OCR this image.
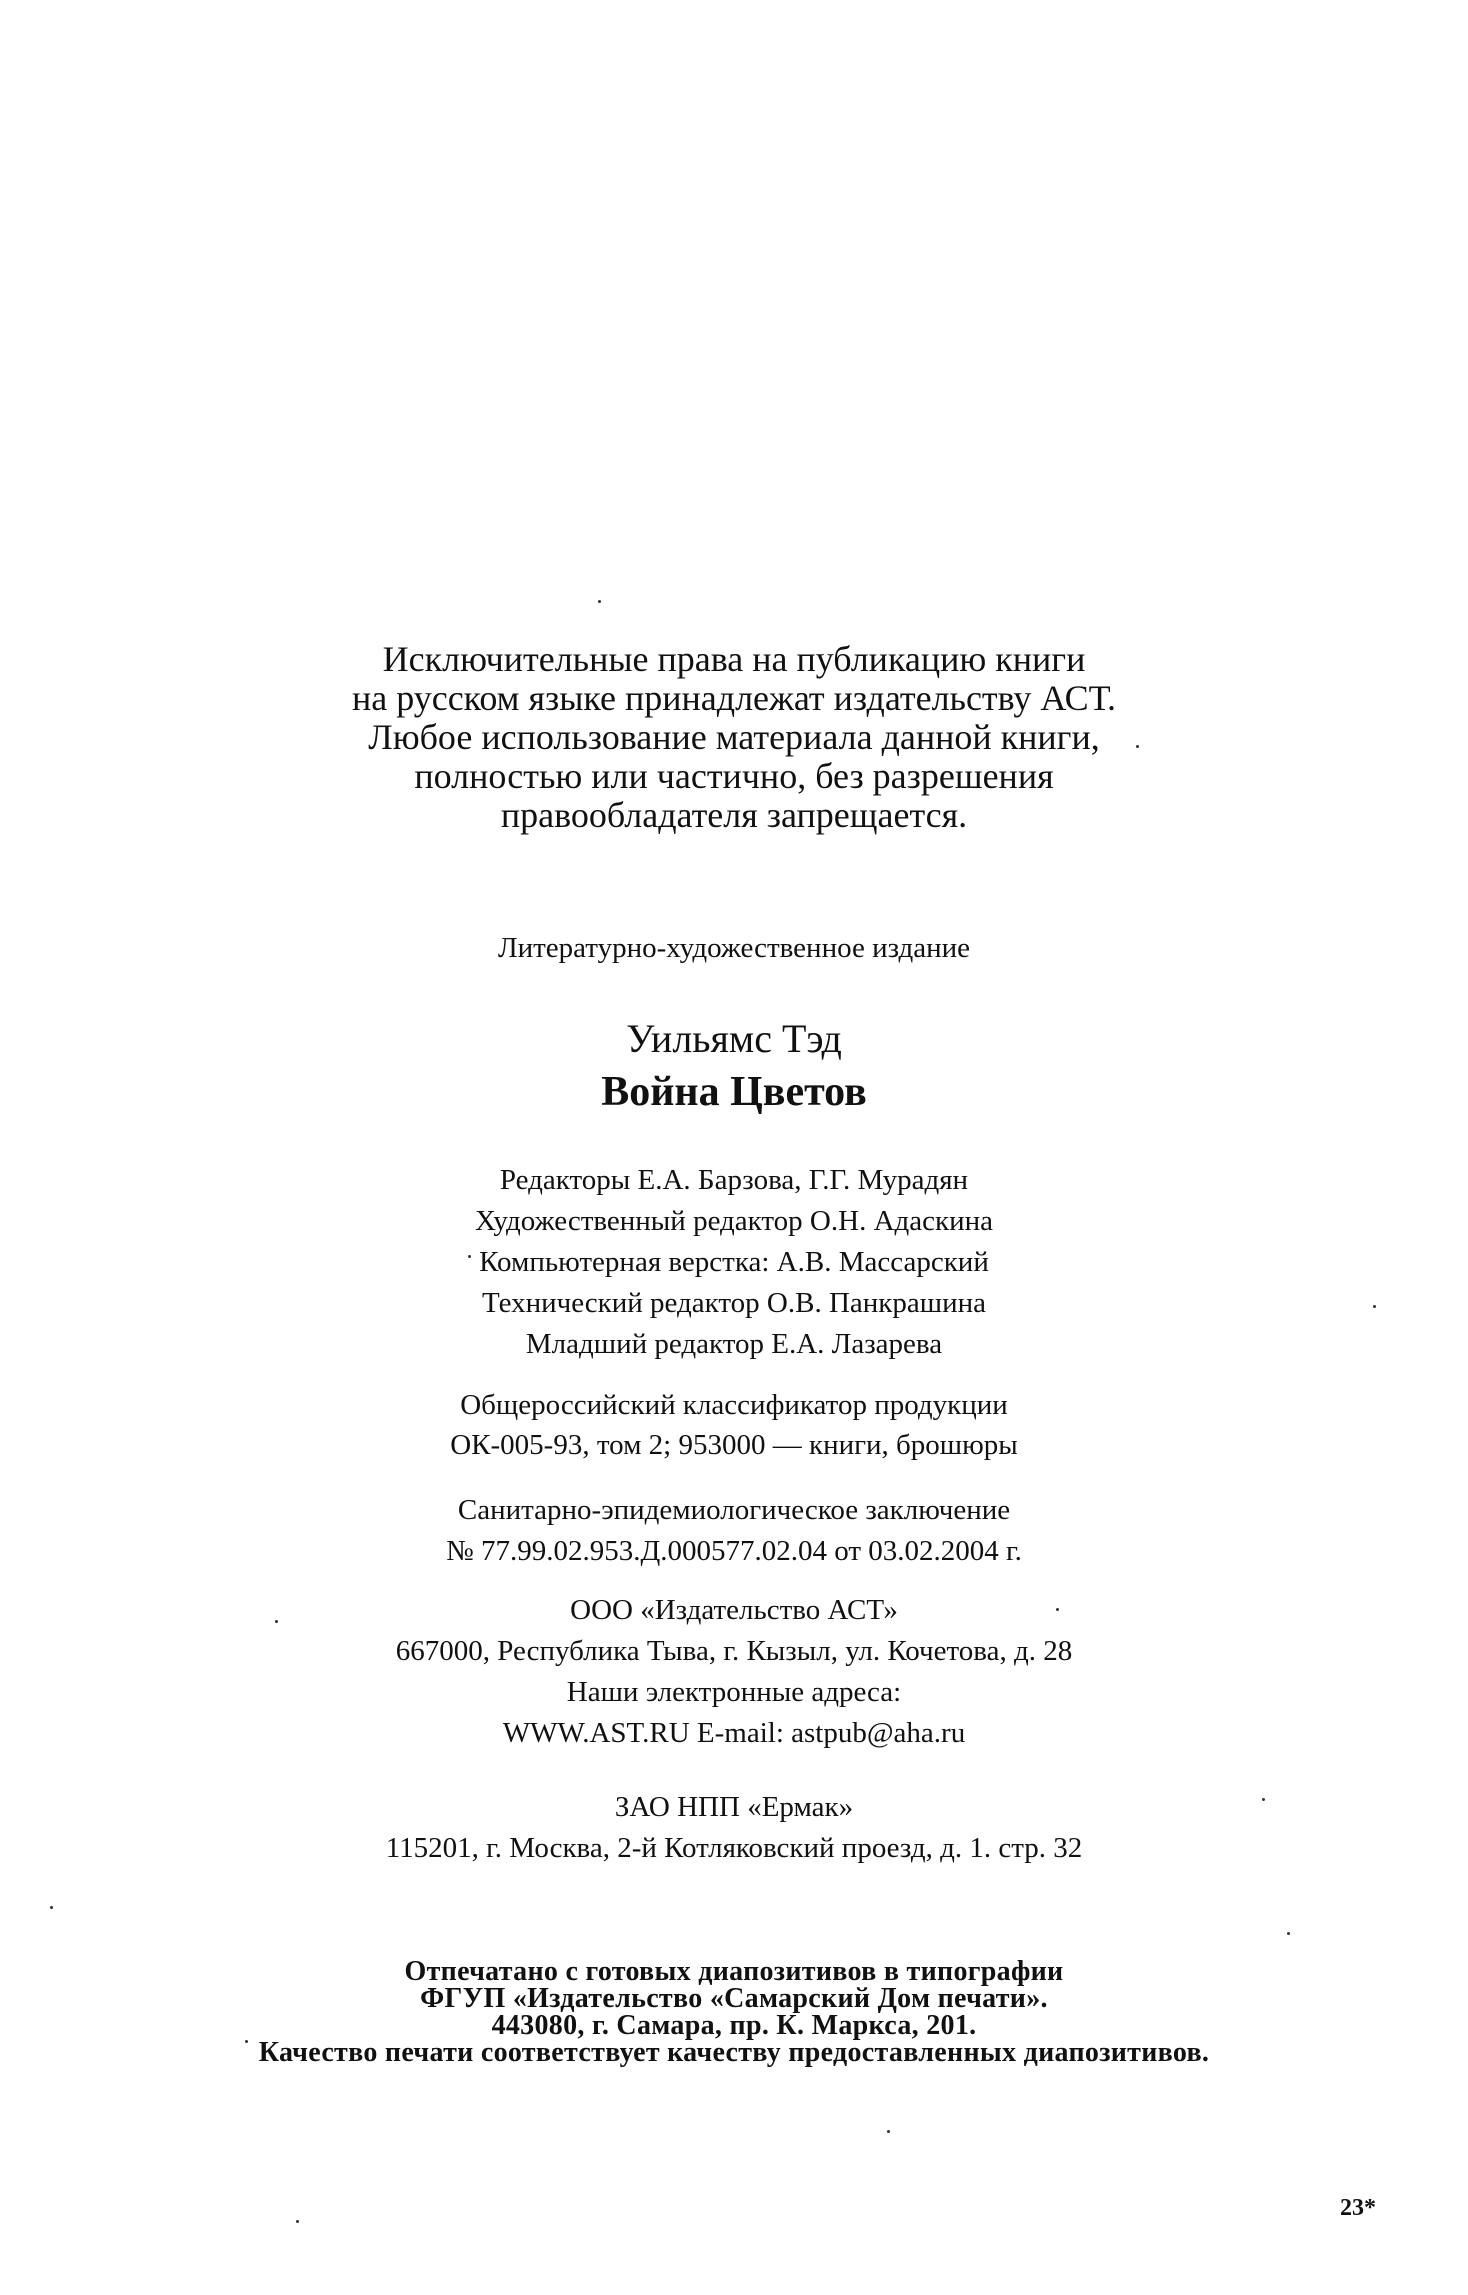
Исключительные права на публикацию книги
на русском языке принадлежат издательству АСТ.
Любое использование материала данной книги,
полностью или частично, без разрешения
правообладателя запрещается.
Литературно-художественное издание
Уильямс Тэд
Война Цветов
Редакторы Е.А. Барзова, Г.Г. Мурадян
Художественный редактор О.Н. Адаскина
Компьютерная верстка: А.В. Массарский
Технический редактор О.В. Панкрашина
Младший редактор Е.А. Лазарева
Общероссийский классификатор продукции
ОК-005-93, том 2; 953000 — книги, брошюры
Санитарно-эпидемиологическое заключение
№ 77.99.02.953.Д.000577.02.04 от 03.02.2004 г.
ООО «Издательство АСТ»
667000, Республика Тыва, г. Кызыл, ул. Кочетова, д. 28
Наши электронные адреса:
WWW.AST.RU E-mail: astpub@aha.ru
ЗАО НПП «Ермак»
115201, г. Москва, 2-й Котляковский проезд, д. 1. стр. 32
Отпечатано с готовых диапозитивов в типографии
ФГУП «Издательство «Самарский Дом печати».
443080, г. Самара, пр. К. Маркса, 201.
Качество печати соответствует качеству предоставленных диапозитивов.
23*
